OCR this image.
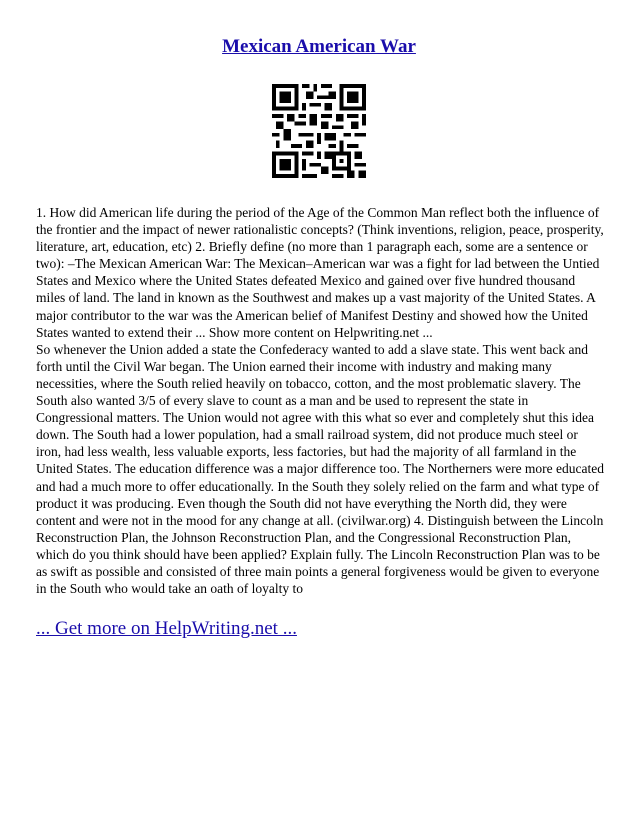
Mexican American War

1. How did American life during the period of the Age of the Common Man reflect both the influence of the frontier and the impact of newer rationalistic concepts? (Think inventions, religion, peace, prosperity, literature, art, education, etc) 2. Briefly define (no more than 1 paragraph each, some are a sentence or two): –The Mexican American War: The Mexican–American war was a fight for lad between the Untied States and Mexico where the United States defeated Mexico and gained over five hundred thousand miles of land. The land in known as the Southwest and makes up a vast majority of the United States. A major contributor to the war was the American belief of Manifest Destiny and showed how the United States wanted to extend their ... Show more content on Helpwriting.net ...

So whenever the Union added a state the Confederacy wanted to add a slave state. This went back and forth until the Civil War began. The Union earned their income with industry and making many necessities, where the South relied heavily on tobacco, cotton, and the most problematic slavery. The South also wanted 3/5 of every slave to count as a man and be used to represent the state in Congressional matters. The Union would not agree with this what so ever and completely shut this idea down. The South had a lower population, had a small railroad system, did not produce much steel or iron, had less wealth, less valuable exports, less factories, but had the majority of all farmland in the United States. The education difference was a major difference too. The Northerners were more educated and had a much more to offer educationally. In the South they solely relied on the farm and what type of product it was producing. Even though the South did not have everything the North did, they were content and were not in the mood for any change at all. (civilwar.org) 4. Distinguish between the Lincoln Reconstruction Plan, the Johnson Reconstruction Plan, and the Congressional Reconstruction Plan, which do you think should have been applied? Explain fully. The Lincoln Reconstruction Plan was to be as swift as possible and consisted of three main points a general forgiveness would be given to everyone in the South who would take an oath of loyalty to

... Get more on HelpWriting.net ...
